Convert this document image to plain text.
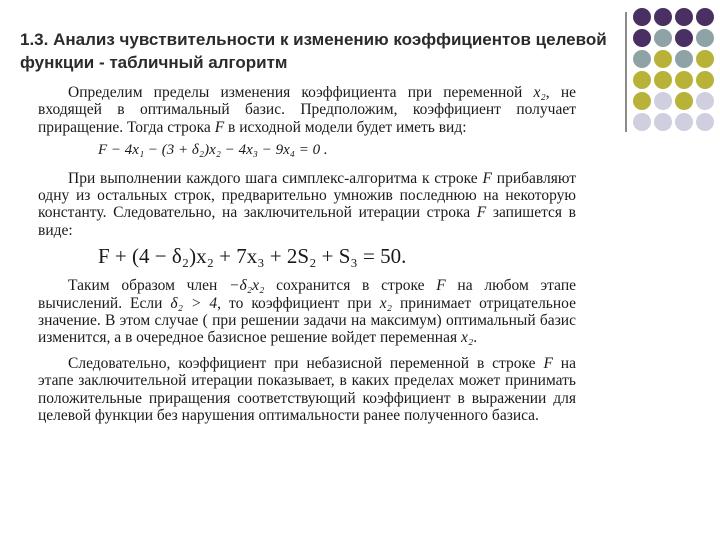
1.3. Анализ чувствительности к изменению коэффициентов целевой функции - табличный алгоритм

Определим пределы изменения коэффициента при переменной x₂, не входящей в оптимальный базис. Предположим, коэффициент получает приращение. Тогда строка F в исходной модели будет иметь вид:

F − 4x₁ − (3 + δ₂)x₂ − 4x₃ − 9x₄ = 0 .

При выполнении каждого шага симплекс-алгоритма к строке F прибавляют одну из остальных строк, предварительно умножив последнюю на некоторую константу. Следовательно, на заключительной итерации строка F запишется в виде:

F + (4 − δ₂)x₂ + 7x₃ + 2S₂ + S₃ = 50.

Таким образом член −δ₂x₂ сохранится в строке F на любом этапе вычислений. Если δ₂ > 4, то коэффициент при x₂ принимает отрицательное значение. В этом случае ( при решении задачи на максимум) оптимальный базис изменится, а в очередное базисное решение войдет переменная x₂.

Следовательно, коэффициент при небазисной переменной в строке F на этапе заключительной итерации показывает, в каких пределах может принимать положительные приращения соответствующий коэффициент в выражении для целевой функции без нарушения оптимальности ранее полученного базиса.
